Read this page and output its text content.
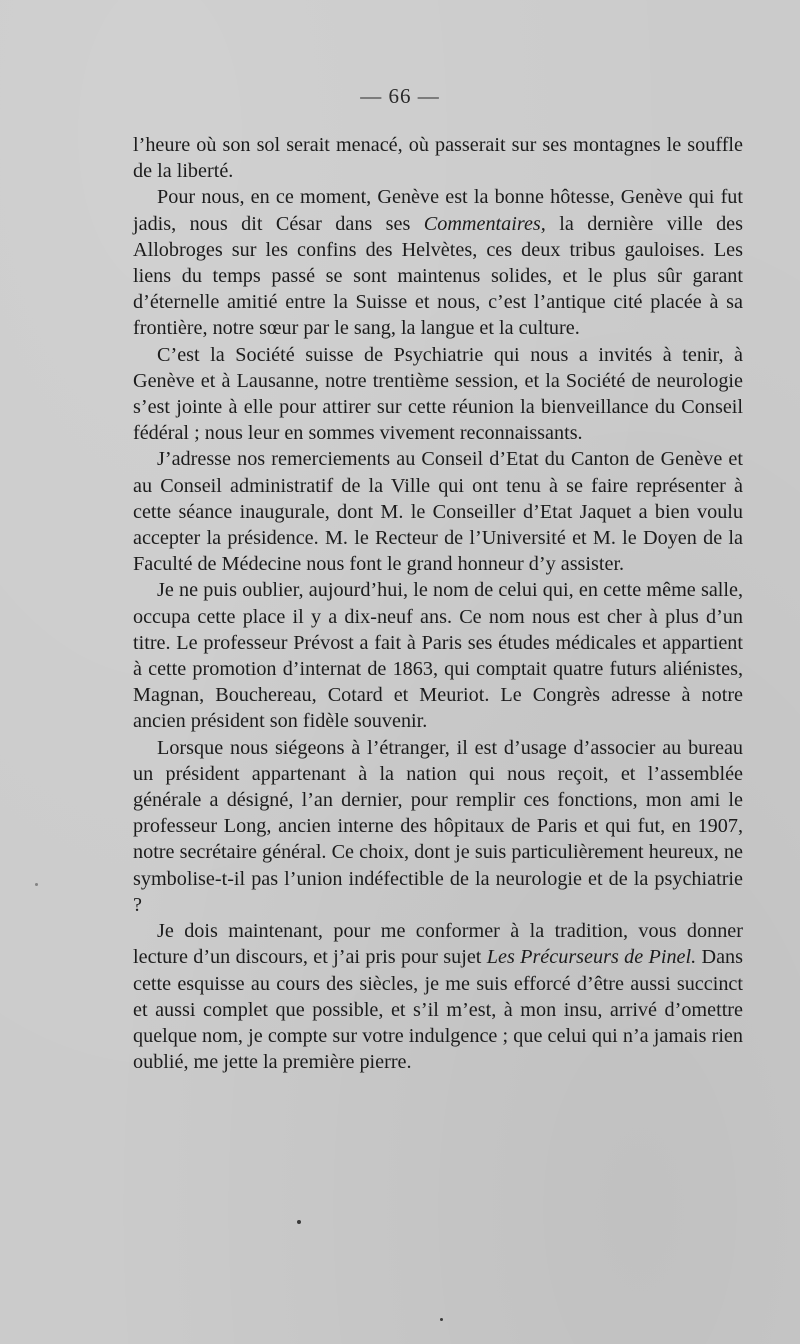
— 66 —

l’heure où son sol serait menacé, où passerait sur ses montagnes le souffle de la liberté.

Pour nous, en ce moment, Genève est la bonne hôtesse, Genève qui fut jadis, nous dit César dans ses Commentaires, la dernière ville des Allobroges sur les confins des Helvètes, ces deux tribus gauloises. Les liens du temps passé se sont maintenus solides, et le plus sûr garant d’éternelle amitié entre la Suisse et nous, c’est l’antique cité placée à sa frontière, notre sœur par le sang, la langue et la culture.

C’est la Société suisse de Psychiatrie qui nous a invités à tenir, à Genève et à Lausanne, notre trentième session, et la Société de neurologie s’est jointe à elle pour attirer sur cette réunion la bienveillance du Conseil fédéral ; nous leur en sommes vivement reconnaissants.

J’adresse nos remerciements au Conseil d’Etat du Canton de Genève et au Conseil administratif de la Ville qui ont tenu à se faire représenter à cette séance inaugurale, dont M. le Conseiller d’Etat Jaquet a bien voulu accepter la présidence. M. le Recteur de l’Université et M. le Doyen de la Faculté de Médecine nous font le grand honneur d’y assister.

Je ne puis oublier, aujourd’hui, le nom de celui qui, en cette même salle, occupa cette place il y a dix-neuf ans. Ce nom nous est cher à plus d’un titre. Le professeur Prévost a fait à Paris ses études médicales et appartient à cette promotion d’internat de 1863, qui comptait quatre futurs aliénistes, Magnan, Bouchereau, Cotard et Meuriot. Le Congrès adresse à notre ancien président son fidèle souvenir.

Lorsque nous siégeons à l’étranger, il est d’usage d’associer au bureau un président appartenant à la nation qui nous reçoit, et l’assemblée générale a désigné, l’an dernier, pour remplir ces fonctions, mon ami le professeur Long, ancien interne des hôpitaux de Paris et qui fut, en 1907, notre secrétaire général. Ce choix, dont je suis particulièrement heureux, ne symbolise-t-il pas l’union indéfectible de la neurologie et de la psychiatrie ?

Je dois maintenant, pour me conformer à la tradition, vous donner lecture d’un discours, et j’ai pris pour sujet Les Précurseurs de Pinel. Dans cette esquisse au cours des siècles, je me suis efforcé d’être aussi succinct et aussi complet que possible, et s’il m’est, à mon insu, arrivé d’omettre quelque nom, je compte sur votre indulgence ; que celui qui n’a jamais rien oublié, me jette la première pierre.
